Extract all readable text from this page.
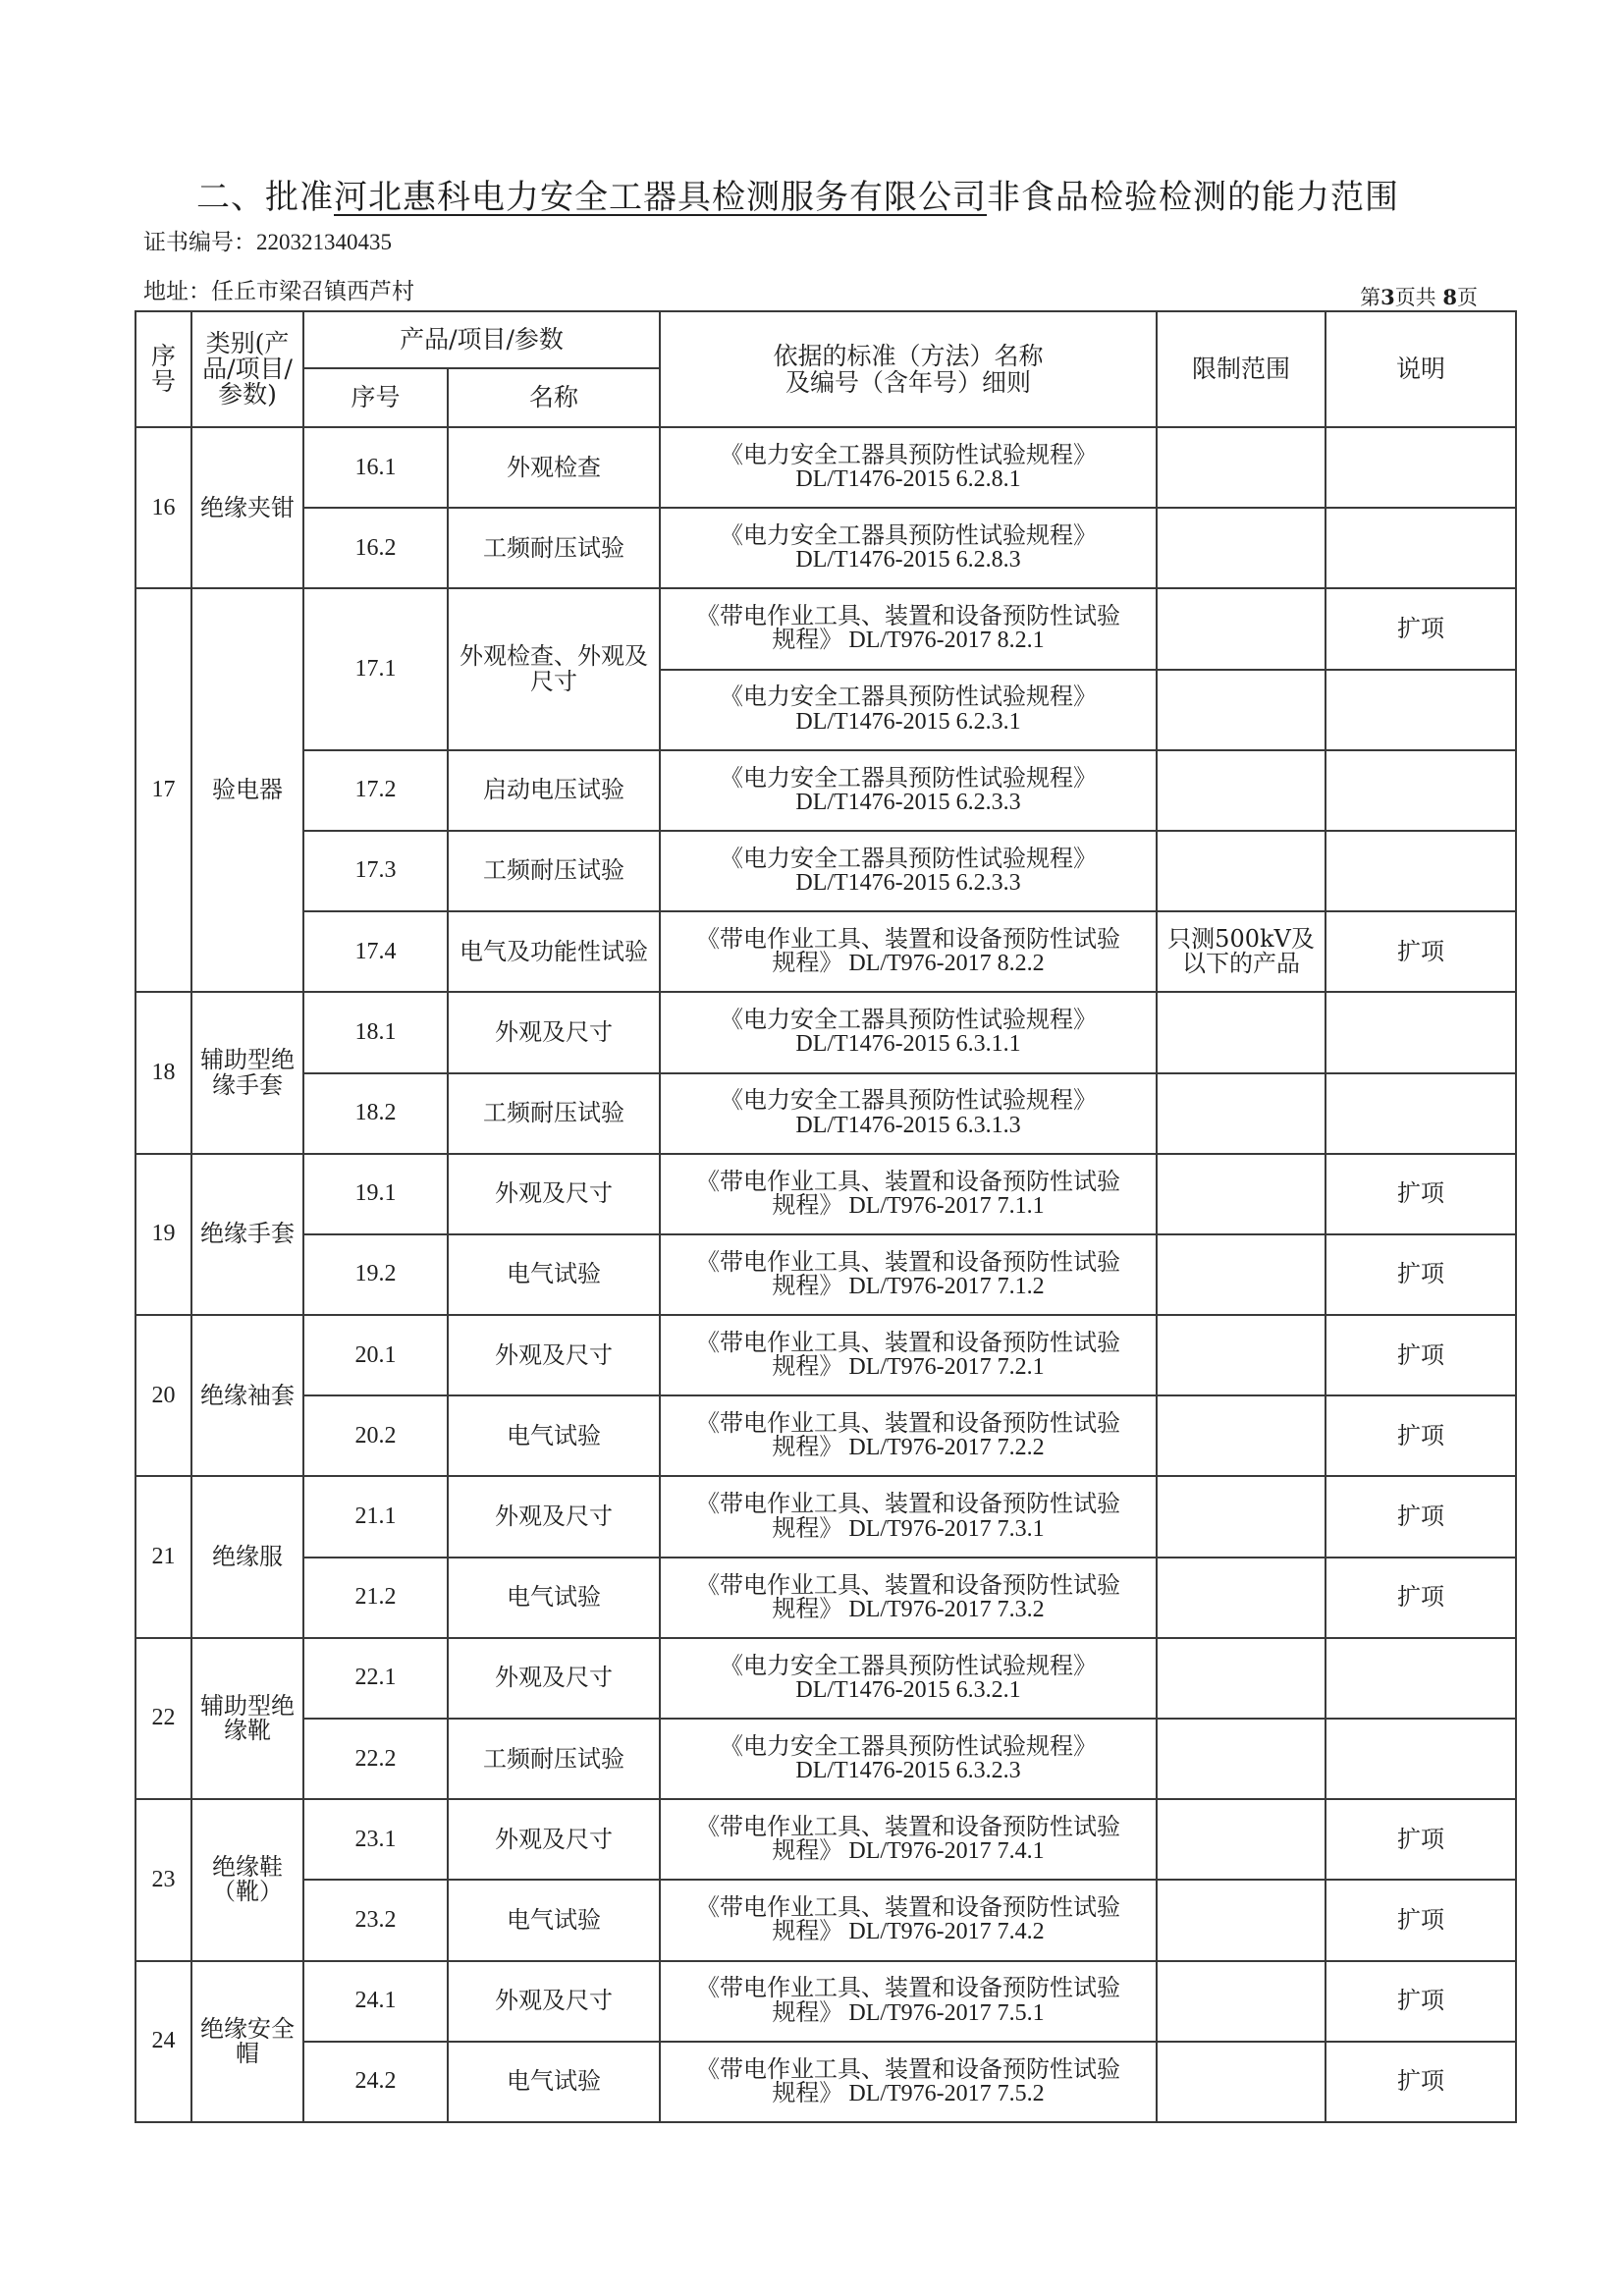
二、批准河北惠科电力安全工器具检测服务有限公司非食品检验检测的能力范围
证书编号：220321340435
地址：任丘市梁召镇西芦村	第3页共 8页
序号	类别(产品/项目/参数)	产品/项目/参数		依据的标准（方法）名称
及编号（含年号）细则	限制范围	说明
		序号	名称			
16	绝缘夹钳	16.1	外观检查	《电力安全工器具预防性试验规程》
DL/T1476-2015 6.2.8.1		

		16.2	工频耐压试验	《电力安全工器具预防性试验规程》
DL/T1476-2015 6.2.8.3		

17	验电器	17.1	外观检查、外观及尺寸	《带电作业工具、装置和设备预防性试验
规程》 DL/T976-2017 8.2.1		扩项

				《电力安全工器具预防性试验规程》
DL/T1476-2015 6.2.3.1		

		17.2	启动电压试验	《电力安全工器具预防性试验规程》
DL/T1476-2015 6.2.3.3		

		17.3	工频耐压试验	《电力安全工器具预防性试验规程》
DL/T1476-2015 6.2.3.3		

		17.4	电气及功能性试验	《带电作业工具、装置和设备预防性试验
规程》 DL/T976-2017 8.2.2	只测500kV及以下的产品	扩项
18	辅助型绝缘手套	18.1	外观及尺寸	《电力安全工器具预防性试验规程》
DL/T1476-2015 6.3.1.1		

		18.2	工频耐压试验	《电力安全工器具预防性试验规程》
DL/T1476-2015 6.3.1.3		

19	绝缘手套	19.1	外观及尺寸	《带电作业工具、装置和设备预防性试验
规程》 DL/T976-2017 7.1.1		扩项
		19.2	电气试验	《带电作业工具、装置和设备预防性试验
规程》 DL/T976-2017 7.1.2		扩项
20	绝缘袖套	20.1	外观及尺寸	《带电作业工具、装置和设备预防性试验
规程》 DL/T976-2017 7.2.1		扩项
		20.2	电气试验	《带电作业工具、装置和设备预防性试验
规程》 DL/T976-2017 7.2.2		扩项
21	绝缘服	21.1	外观及尺寸	《带电作业工具、装置和设备预防性试验
规程》 DL/T976-2017 7.3.1		扩项
		21.2	电气试验	《带电作业工具、装置和设备预防性试验
规程》 DL/T976-2017 7.3.2		扩项
22	辅助型绝缘靴	22.1	外观及尺寸	《电力安全工器具预防性试验规程》
DL/T1476-2015 6.3.2.1		

		22.2	工频耐压试验	《电力安全工器具预防性试验规程》
DL/T1476-2015 6.3.2.3		

23	绝缘鞋（靴）	23.1	外观及尺寸	《带电作业工具、装置和设备预防性试验
规程》 DL/T976-2017 7.4.1		扩项
		23.2	电气试验	《带电作业工具、装置和设备预防性试验
规程》 DL/T976-2017 7.4.2		扩项
24	绝缘安全帽	24.1	外观及尺寸	《带电作业工具、装置和设备预防性试验
规程》 DL/T976-2017 7.5.1		扩项
		24.2	电气试验	《带电作业工具、装置和设备预防性试验
规程》 DL/T976-2017 7.5.2		扩项
